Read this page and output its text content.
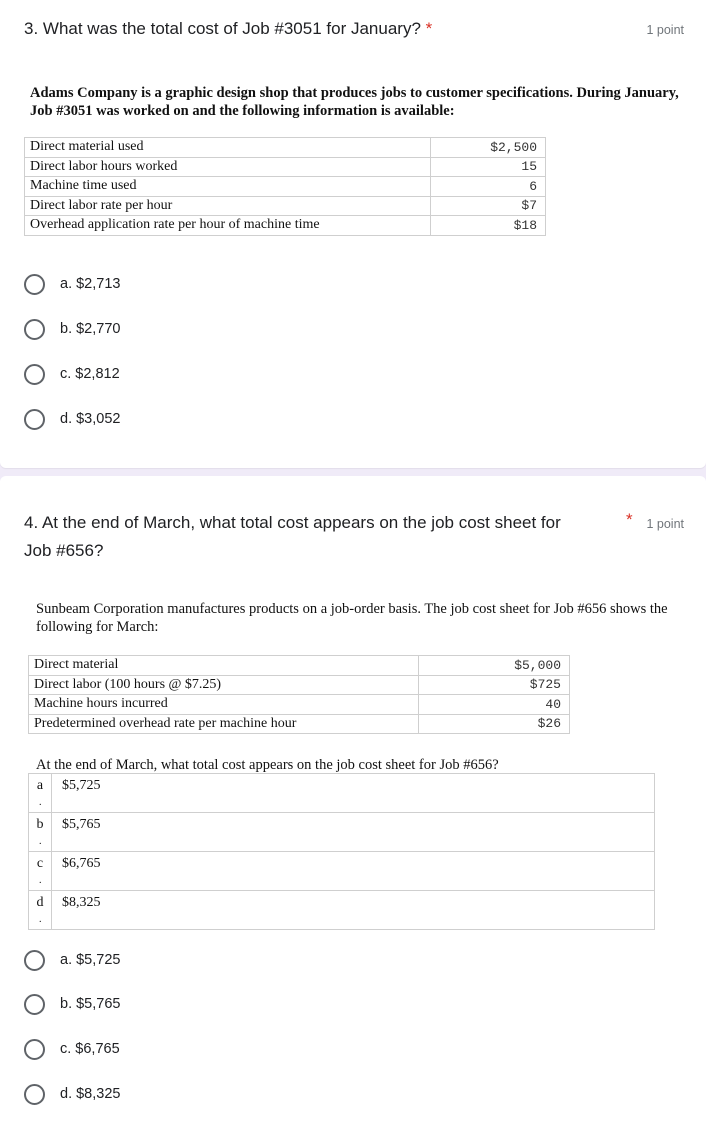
3. What was the total cost of Job #3051 for January? *	1 point
Adams Company is a graphic design shop that produces jobs to customer specifications. During January, Job #3051 was worked on and the following information is available:
Direct material used	$2,500
Direct labor hours worked	15
Machine time used	6
Direct labor rate per hour	$7
Overhead application rate per hour of machine time	$18
a. $2,713
b. $2,770
c. $2,812
d. $3,052
4. At the end of March, what total cost appears on the job cost sheet for
Job #656?
* 1 point
Sunbeam Corporation manufactures products on a job-order basis. The job cost sheet for Job #656 shows the following for March:
Direct material	$5,000
Direct labor (100 hours @ $7.25)	$725
Machine hours incurred	40
Predetermined overhead rate per machine hour	$26
At the end of March, what total cost appears on the job cost sheet for Job #656?
a
.	$5,725
b
.	$5,765
c
.	$6,765
d
.	$8,325
a. $5,725
b. $5,765
c. $6,765
d. $8,325
